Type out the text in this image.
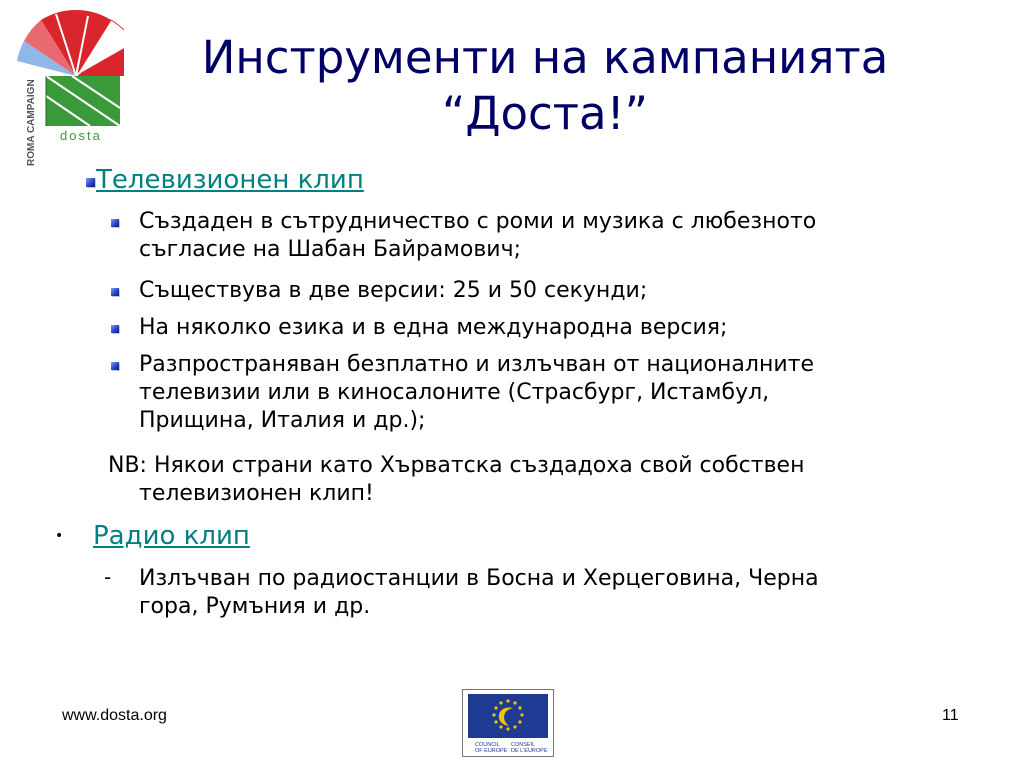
ROMA CAMPAIGN dosta
Инструменти на кампанията
“Доста!”
Телевизионен клип
Създаден в сътрудничество с роми и музика с любезното
съгласие на Шабан Байрамович;
Съществува в две версии: 25 и 50 секунди;
На няколко езика и в една международна версия;
Разпространяван безплатно и излъчван от националните
телевизии или в киносалоните (Страсбург, Истамбул,
Прищина, Италия и др.);
NB: Някои страни като Хърватска създадоха свой собствен
телевизионен клип!
• Радио клип
- Излъчван по радиостанции в Босна и Херцеговина, Черна
гора, Румъния и др.
www.dosta.org
COUNCIL
OF EUROPE
CONSEIL
DE L'EUROPE
11
